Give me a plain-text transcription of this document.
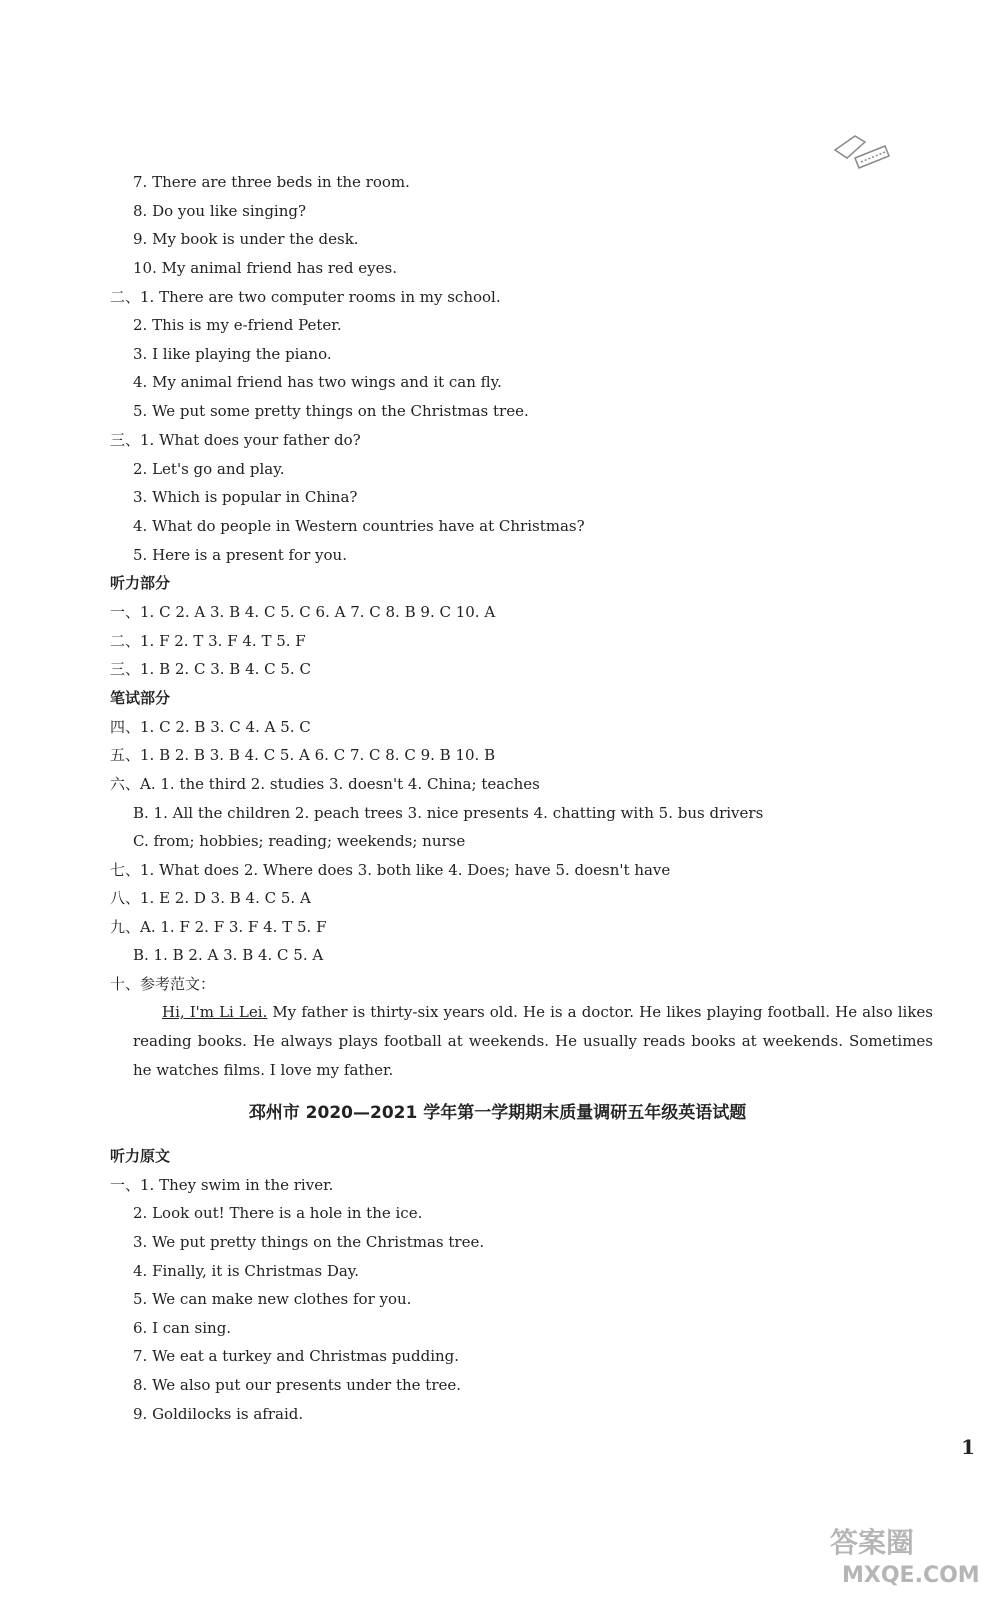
7. There are three beds in the room.
8. Do you like singing?
9. My book is under the desk.
10. My animal friend has red eyes.
二、1. There are two computer rooms in my school.
2. This is my e-friend Peter.
3. I like playing the piano.
4. My animal friend has two wings and it can fly.
5. We put some pretty things on the Christmas tree.
三、1. What does your father do?
2. Let's go and play.
3. Which is popular in China?
4. What do people in Western countries have at Christmas?
5. Here is a present for you.
听力部分
一、1. C 2. A 3. B 4. C 5. C 6. A 7. C 8. B 9. C 10. A
二、1. F 2. T 3. F 4. T 5. F
三、1. B 2. C 3. B 4. C 5. C
笔试部分
四、1. C 2. B 3. C 4. A 5. C
五、1. B 2. B 3. B 4. C 5. A 6. C 7. C 8. C 9. B 10. B
六、A. 1. the third 2. studies 3. doesn't 4. China; teaches
B. 1. All the children 2. peach trees 3. nice presents 4. chatting with 5. bus drivers
C. from; hobbies; reading; weekends; nurse
七、1. What does 2. Where does 3. both like 4. Does; have 5. doesn't have
八、1. E 2. D 3. B 4. C 5. A
九、A. 1. F 2. F 3. F 4. T 5. F
B. 1. B 2. A 3. B 4. C 5. A
十、参考范文：
Hi, I'm Li Lei. My father is thirty-six years old. He is a doctor. He likes playing football. He also likes reading books. He always plays football at weekends. He usually reads books at weekends. Sometimes he watches films. I love my father.
邳州市 2020—2021 学年第一学期期末质量调研五年级英语试题
听力原文
一、1. They swim in the river.
2. Look out! There is a hole in the ice.
3. We put pretty things on the Christmas tree.
4. Finally, it is Christmas Day.
5. We can make new clothes for you.
6. I can sing.
7. We eat a turkey and Christmas pudding.
8. We also put our presents under the tree.
9. Goldilocks is afraid.
1
答案圈
MXQE.COM
